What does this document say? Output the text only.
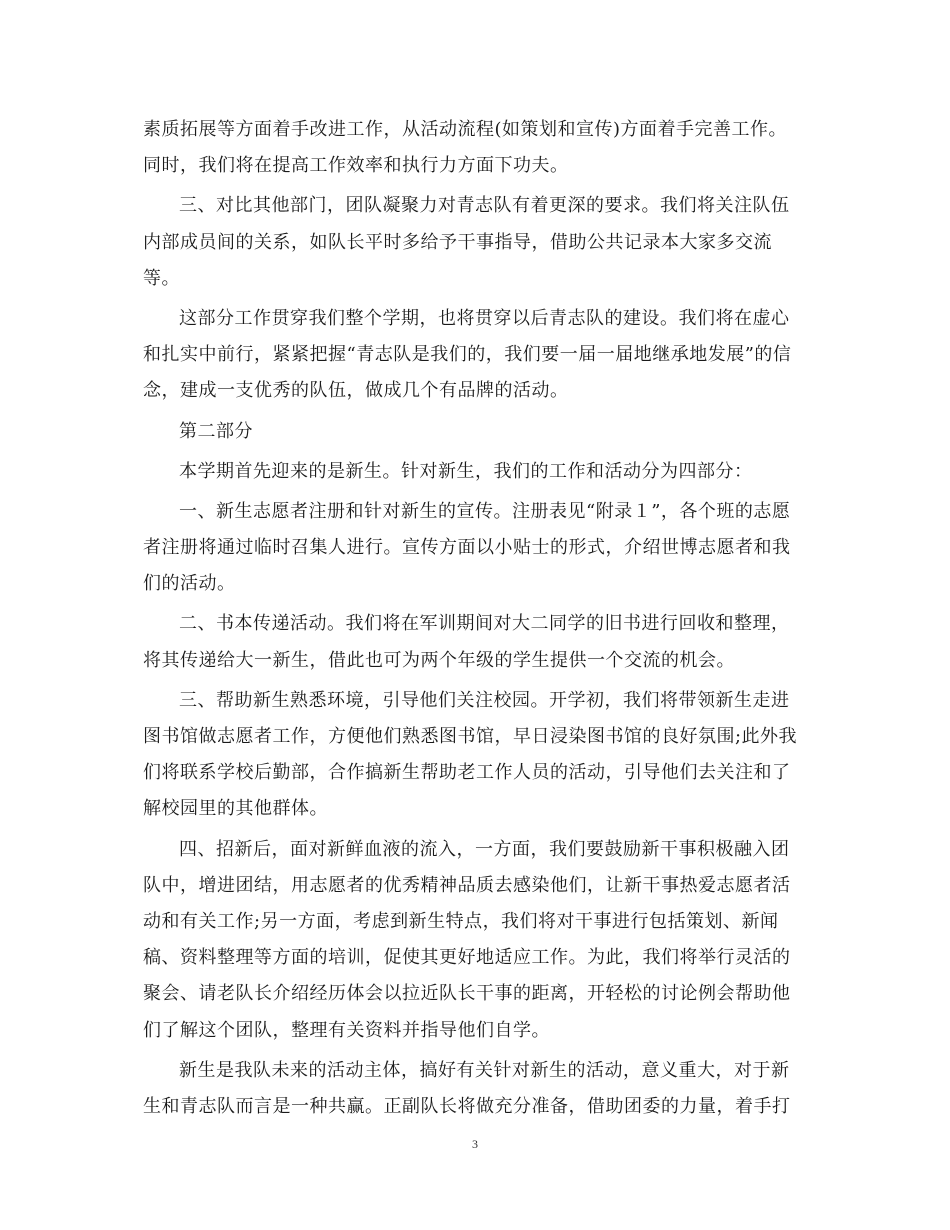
素质拓展等方面着手改进工作，从活动流程(如策划和宣传)方面着手完善工作。
同时，我们将在提高工作效率和执行力方面下功夫。
三、对比其他部门，团队凝聚力对青志队有着更深的要求。我们将关注队伍
内部成员间的关系，如队长平时多给予干事指导，借助公共记录本大家多交流
等。
这部分工作贯穿我们整个学期，也将贯穿以后青志队的建设。我们将在虚心
和扎实中前行，紧紧把握“青志队是我们的，我们要一届一届地继承地发展”的信
念，建成一支优秀的队伍，做成几个有品牌的活动。
第二部分
本学期首先迎来的是新生。针对新生，我们的工作和活动分为四部分：
一、新生志愿者注册和针对新生的宣传。注册表见“附录１”，各个班的志愿
者注册将通过临时召集人进行。宣传方面以小贴士的形式，介绍世博志愿者和我
们的活动。
二、书本传递活动。我们将在军训期间对大二同学的旧书进行回收和整理，
将其传递给大一新生，借此也可为两个年级的学生提供一个交流的机会。
三、帮助新生熟悉环境，引导他们关注校园。开学初，我们将带领新生走进
图书馆做志愿者工作，方便他们熟悉图书馆，早日浸染图书馆的良好氛围;此外我
们将联系学校后勤部，合作搞新生帮助老工作人员的活动，引导他们去关注和了
解校园里的其他群体。
四、招新后，面对新鲜血液的流入，一方面，我们要鼓励新干事积极融入团
队中，增进团结，用志愿者的优秀精神品质去感染他们，让新干事热爱志愿者活
动和有关工作;另一方面，考虑到新生特点，我们将对干事进行包括策划、新闻
稿、资料整理等方面的培训，促使其更好地适应工作。为此，我们将举行灵活的
聚会、请老队长介绍经历体会以拉近队长干事的距离，开轻松的讨论例会帮助他
们了解这个团队，整理有关资料并指导他们自学。
新生是我队未来的活动主体，搞好有关针对新生的活动，意义重大，对于新
生和青志队而言是一种共赢。正副队长将做充分准备，借助团委的力量，着手打
3
